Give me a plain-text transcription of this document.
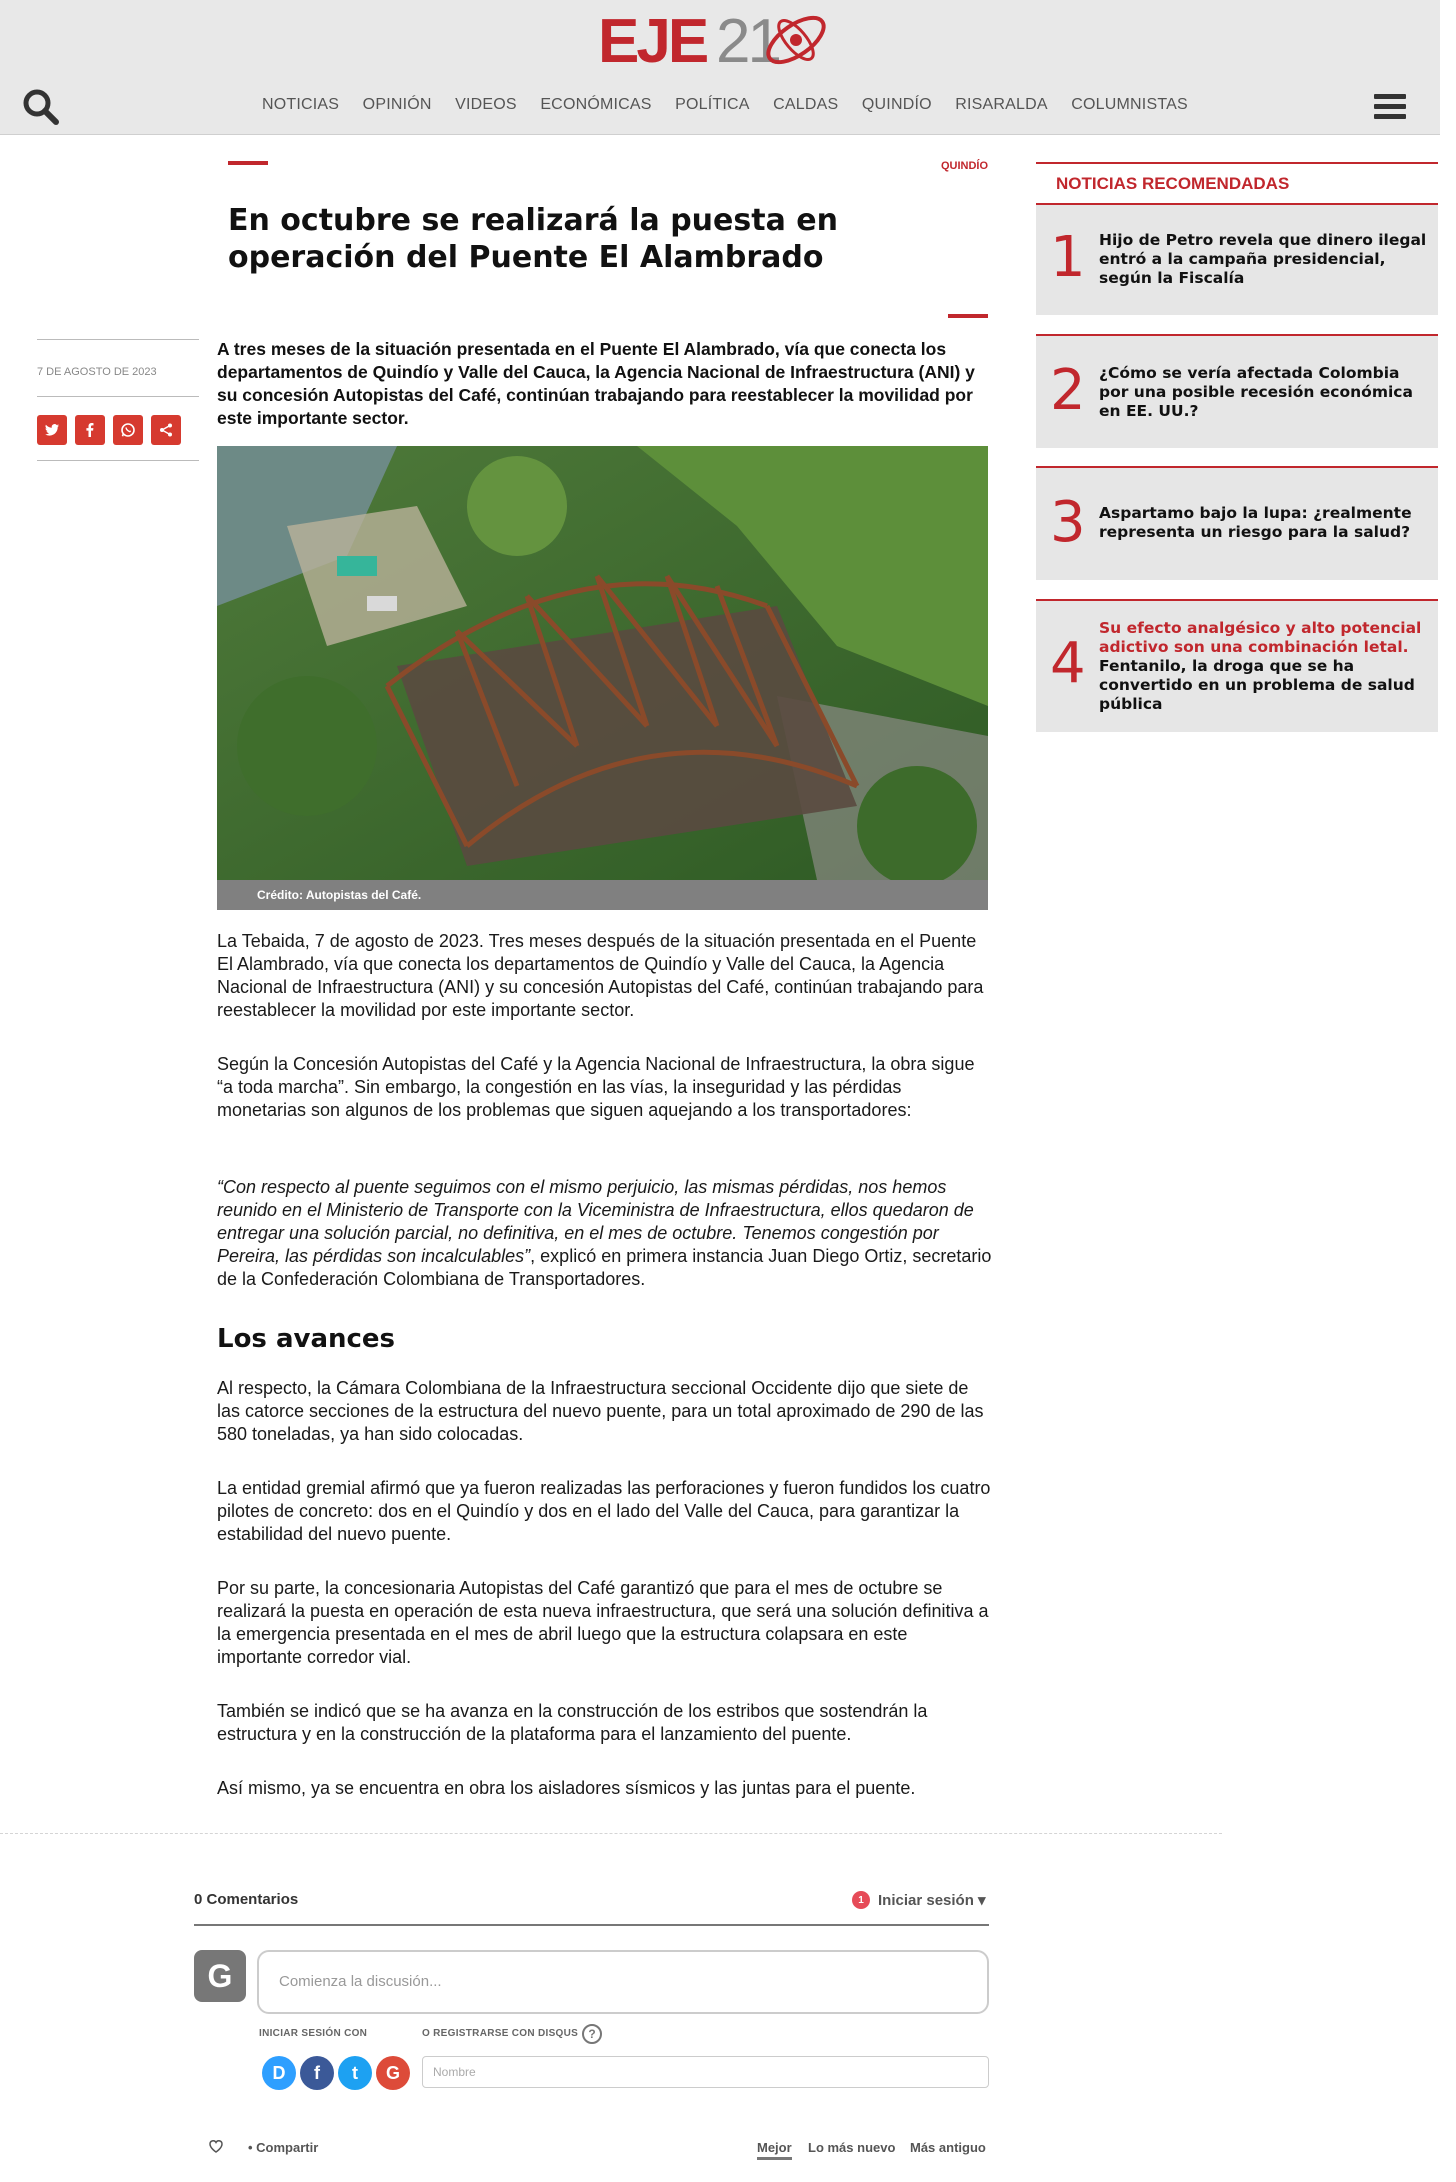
EJE 21
NOTICIAS OPINIÓN VIDEOS ECONÓMICAS POLÍTICA CALDAS QUINDÍO RISARALDA COLUMNISTAS
QUINDÍO
En octubre se realizará la puesta en operación del Puente El Alambrado
7 DE AGOSTO DE 2023

A tres meses de la situación presentada en el Puente El Alambrado, vía que conecta los departamentos de Quindío y Valle del Cauca, la Agencia Nacional de Infraestructura (ANI) y su concesión Autopistas del Café, continúan trabajando para reestablecer la movilidad por este importante sector.

Crédito: Autopistas del Café.

La Tebaida, 7 de agosto de 2023. Tres meses después de la situación presentada en el Puente El Alambrado, vía que conecta los departamentos de Quindío y Valle del Cauca, la Agencia Nacional de Infraestructura (ANI) y su concesión Autopistas del Café, continúan trabajando para reestablecer la movilidad por este importante sector.

Según la Concesión Autopistas del Café y la Agencia Nacional de Infraestructura, la obra sigue “a toda marcha”. Sin embargo, la congestión en las vías, la inseguridad y las pérdidas monetarias son algunos de los problemas que siguen aquejando a los transportadores:

“Con respecto al puente seguimos con el mismo perjuicio, las mismas pérdidas, nos hemos reunido en el Ministerio de Transporte con la Viceministra de Infraestructura, ellos quedaron de entregar una solución parcial, no definitiva, en el mes de octubre. Tenemos congestión por Pereira, las pérdidas son incalculables”, explicó en primera instancia Juan Diego Ortiz, secretario de la Confederación Colombiana de Transportadores.

Los avances

Al respecto, la Cámara Colombiana de la Infraestructura seccional Occidente dijo que siete de las catorce secciones de la estructura del nuevo puente, para un total aproximado de 290 de las 580 toneladas, ya han sido colocadas.

La entidad gremial afirmó que ya fueron realizadas las perforaciones y fueron fundidos los cuatro pilotes de concreto: dos en el Quindío y dos en el lado del Valle del Cauca, para garantizar la estabilidad del nuevo puente.

Por su parte, la concesionaria Autopistas del Café garantizó que para el mes de octubre se realizará la puesta en operación de esta nueva infraestructura, que será una solución definitiva a la emergencia presentada en el mes de abril luego que la estructura colapsara en este importante corredor vial.

También se indicó que se ha avanza en la construcción de los estribos que sostendrán la estructura y en la construcción de la plataforma para el lanzamiento del puente.

Así mismo, ya se encuentra en obra los aisladores sísmicos y las juntas para el puente.

NOTICIAS RECOMENDADAS
1 Hijo de Petro revela que dinero ilegal entró a la campaña presidencial, según la Fiscalía
2 ¿Cómo se vería afectada Colombia por una posible recesión económica en EE. UU.?
3 Aspartamo bajo la lupa: ¿realmente representa un riesgo para la salud?
4
Su efecto analgésico y alto potencial adictivo son una combinación letal.
Fentanilo, la droga que se ha convertido en un problema de salud pública
0 Comentarios	1 Iniciar sesión ▾
G	Comienza la discusión...
INICIAR SESIÓN CON	O REGISTRARSE CON DISQUS ?
D	f	t	G	Nombre
• Compartir	Mejor Lo más nuevo Más antiguo
